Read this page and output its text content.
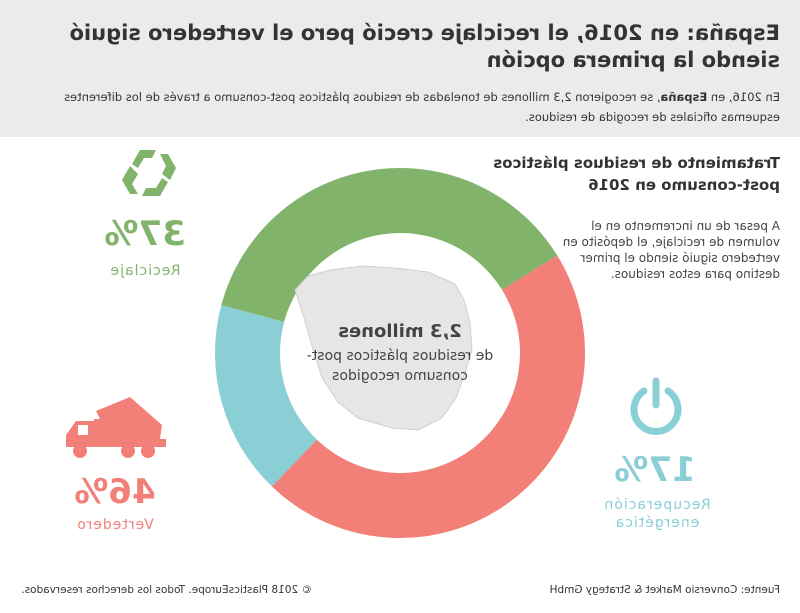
España: en 2016, el reciclaje creció pero el vertedero siguió siendo la primera opción
En 2016, en España, se recogieron 2,3 millones de toneladas de residuos plásticos post-consumo a través de los diferentes esquemas oficiales de recogida de residuos.
Tratamiento de residuos plásticos post-consumo en 2016
A pesar de un incremento en el volumen de reciclaje, el depósito en vertedero siguió siendo el primer destino para estos residuos.
2,3 millones
de residuos plásticos post-consumo recogidos
37%
Reciclaje
17%
Recuperación energética
46%
Vertedero
Fuente: Conversio Market & Strategy GmbH
© 2018 PlasticsEurope. Todos los derechos reservados.
